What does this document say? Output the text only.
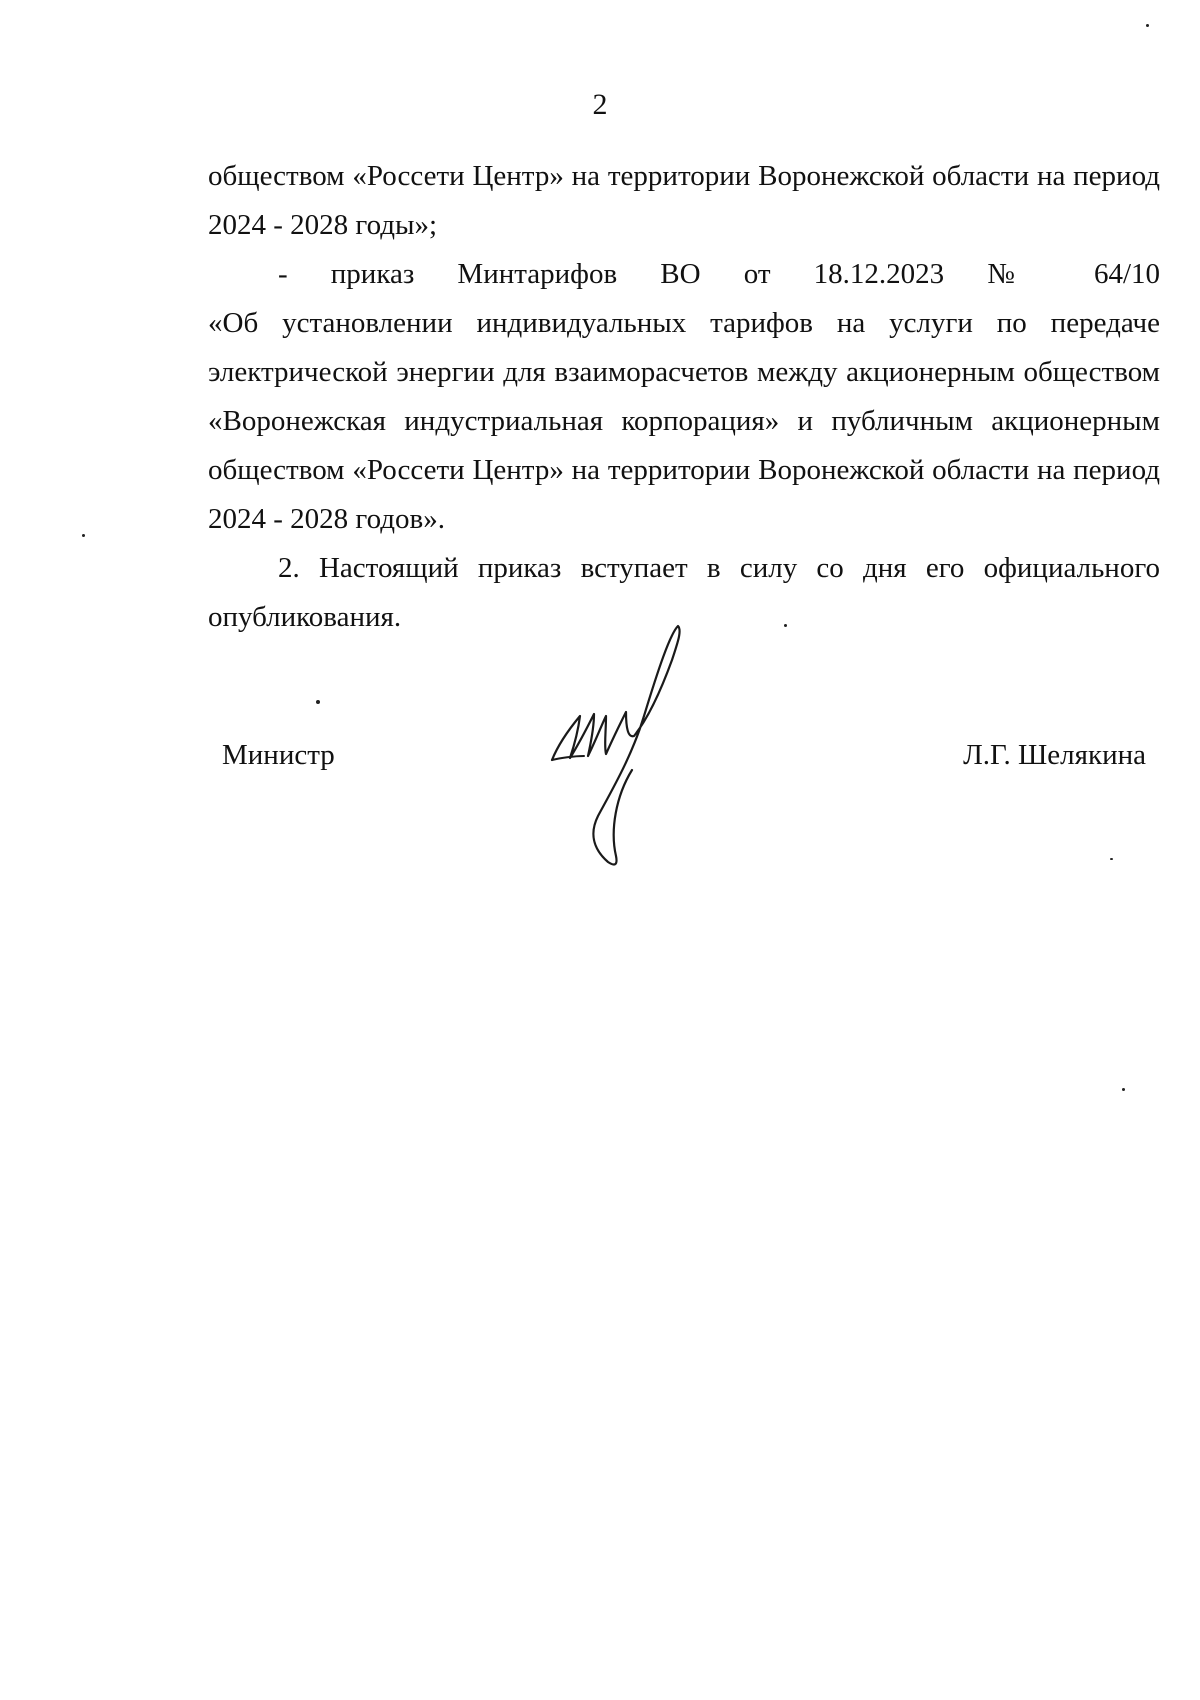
2

обществом «Россети Центр» на территории Воронежской области на период

2024 - 2028 годы»;

- приказ Минтарифов ВО от 18.12.2023 № 64/10

«Об установлении индивидуальных тарифов на услуги по передаче электрической энергии для взаиморасчетов между акционерным обществом «Воронежская индустриальная корпорация» и публичным акционерным обществом «Россети Центр» на территории Воронежской области на период 2024 - 2028 годов».

2. Настоящий приказ вступает в силу со дня его официального опубликования.

Министр	Л.Г. Шелякина
